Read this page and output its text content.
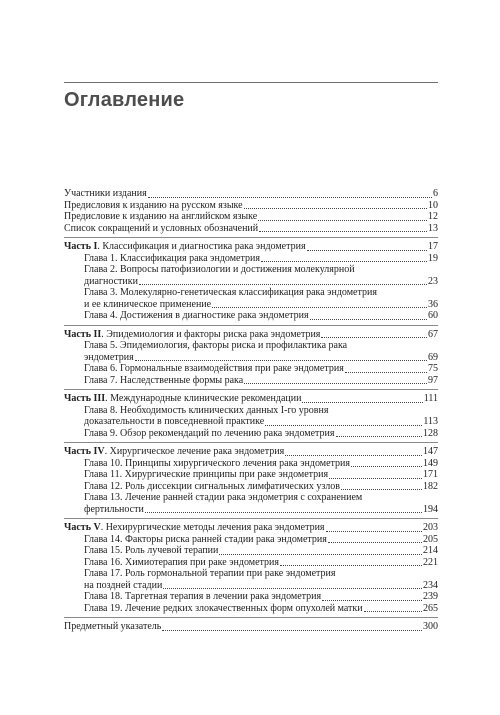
Оглавление
Участники издания	6
Предисловия к изданию на русском языке	10
Предисловие к изданию на английском языке	12
Список сокращений и условных обозначений	13
Часть I. Классификация и диагностика рака эндометрия	17
Глава 1. Классификация рака эндометрия	19
Глава 2. Вопросы патофизиологии и достижения молекулярной
диагностики	23
Глава 3. Молекулярно-генетическая классификация рака эндометрия
и ее клиническое применение	36
Глава 4. Достижения в диагностике рака эндометрия	60
Часть II. Эпидемиология и факторы риска рака эндометрия	67
Глава 5. Эпидемиология, факторы риска и профилактика рака
эндометрия	69
Глава 6. Гормональные взаимодействия при раке эндометрия	75
Глава 7. Наследственные формы рака	97
Часть III. Международные клинические рекомендации	111
Глава 8. Необходимость клинических данных I-го уровня
доказательности в повседневной практике	113
Глава 9. Обзор рекомендаций по лечению рака эндометрия	128
Часть IV. Хирургическое лечение рака эндометрия	147
Глава 10. Принципы хирургического лечения рака эндометрия	149
Глава 11. Хирургические принципы при раке эндометрия	171
Глава 12. Роль диссекции сигнальных лимфатических узлов	182
Глава 13. Лечение ранней стадии рака эндометрия с сохранением
фертильности	194
Часть V. Нехирургические методы лечения рака эндометрия	203
Глава 14. Факторы риска ранней стадии рака эндометрия	205
Глава 15. Роль лучевой терапии	214
Глава 16. Химиотерапия при раке эндометрия	221
Глава 17. Роль гормональной терапии при раке эндометрия
на поздней стадии	234
Глава 18. Таргетная терапия в лечении рака эндометрия	239
Глава 19. Лечение редких злокачественных форм опухолей матки	265
Предметный указатель	300
